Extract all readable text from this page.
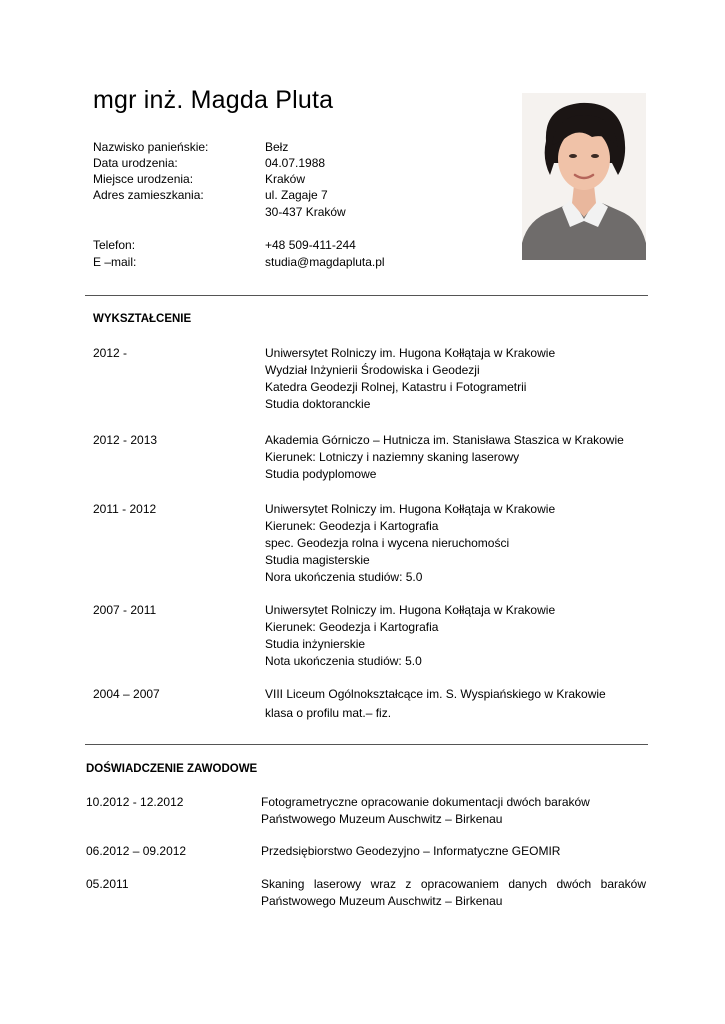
mgr inż. Magda Pluta
Nazwisko panieńskie:	Bełz
Data urodzenia:	04.07.1988
Miejsce urodzenia:	Kraków
Adres zamieszkania:	ul. Zagaje 7
30-437 Kraków
Telefon:	+48 509-411-244
E –mail:	studia@magdapluta.pl
WYKSZTAŁCENIE
2012 -	Uniwersytet Rolniczy im. Hugona Kołłątaja w Krakowie
Wydział Inżynierii Środowiska i Geodezji
Katedra Geodezji Rolnej, Katastru i Fotogrametrii
Studia doktoranckie
2012 - 2013	Akademia Górniczo – Hutnicza im. Stanisława Staszica w Krakowie
Kierunek: Lotniczy i naziemny skaning laserowy
Studia podyplomowe
2011 - 2012	Uniwersytet Rolniczy im. Hugona Kołłątaja w Krakowie
Kierunek: Geodezja i Kartografia
spec. Geodezja rolna i wycena nieruchomości
Studia magisterskie
Nora ukończenia studiów: 5.0
2007 - 2011	Uniwersytet Rolniczy im. Hugona Kołłątaja w Krakowie
Kierunek: Geodezja i Kartografia
Studia inżynierskie
Nota ukończenia studiów: 5.0
2004 – 2007	VIII Liceum Ogólnokształcące im. S. Wyspiańskiego w Krakowie
klasa o profilu mat.– fiz.
DOŚWIADCZENIE ZAWODOWE
10.2012 - 12.2012	Fotogrametryczne opracowanie dokumentacji dwóch baraków
Państwowego Muzeum Auschwitz – Birkenau
06.2012 – 09.2012	Przedsiębiorstwo Geodezyjno – Informatyczne GEOMIR
05.2011	Skaning laserowy wraz z opracowaniem danych dwóch baraków
Państwowego Muzeum Auschwitz – Birkenau
